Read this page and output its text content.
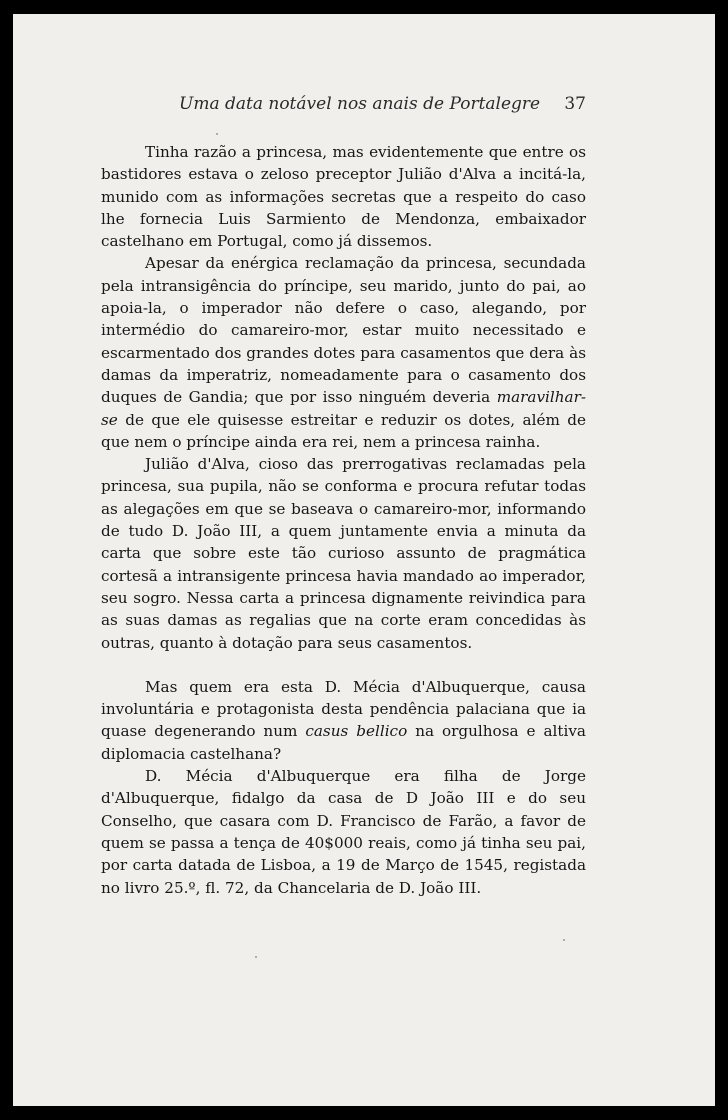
Uma data notável nos anais de Portalegre 37

Tinha razão a princesa, mas evidentemente que entre os bastidores estava o zeloso preceptor Julião d'Alva a incitá-la, munido com as informações secretas que a respeito do caso lhe fornecia Luis Sarmiento de Mendonza, embaixador castelhano em Portugal, como já dissemos.

Apesar da enérgica reclamação da princesa, secundada pela intransigência do príncipe, seu marido, junto do pai, ao apoia-la, o imperador não defere o caso, alegando, por intermédio do camareiro-mor, estar muito necessitado e escarmentado dos grandes dotes para casamentos que dera às damas da imperatriz, nomeadamente para o casamento dos duques de Gandia; que por isso ninguém deveria maravilhar-se de que ele quisesse estreitar e reduzir os dotes, além de que nem o príncipe ainda era rei, nem a princesa rainha.

Julião d'Alva, cioso das prerrogativas reclamadas pela princesa, sua pupila, não se conforma e procura refutar todas as alegações em que se baseava o camareiro-mor, informando de tudo D. João III, a quem juntamente envia a minuta da carta que sobre este tão curioso assunto de pragmática cortesã a intransigente princesa havia mandado ao imperador, seu sogro. Nessa carta a princesa dignamente reivindica para as suas damas as regalias que na corte eram concedidas às outras, quanto à dotação para seus casamentos.

Mas quem era esta D. Mécia d'Albuquerque, causa involuntária e protagonista desta pendência palaciana que ia quase degenerando num casus bellico na orgulhosa e altiva diplomacia castelhana?

D. Mécia d'Albuquerque era filha de Jorge d'Albuquerque, fidalgo da casa de D João III e do seu Conselho, que casara com D. Francisco de Farão, a favor de quem se passa a tença de 40$000 reais, como já tinha seu pai, por carta datada de Lisboa, a 19 de Março de 1545, registada no livro 25.º, fl. 72, da Chancelaria de D. João III.
